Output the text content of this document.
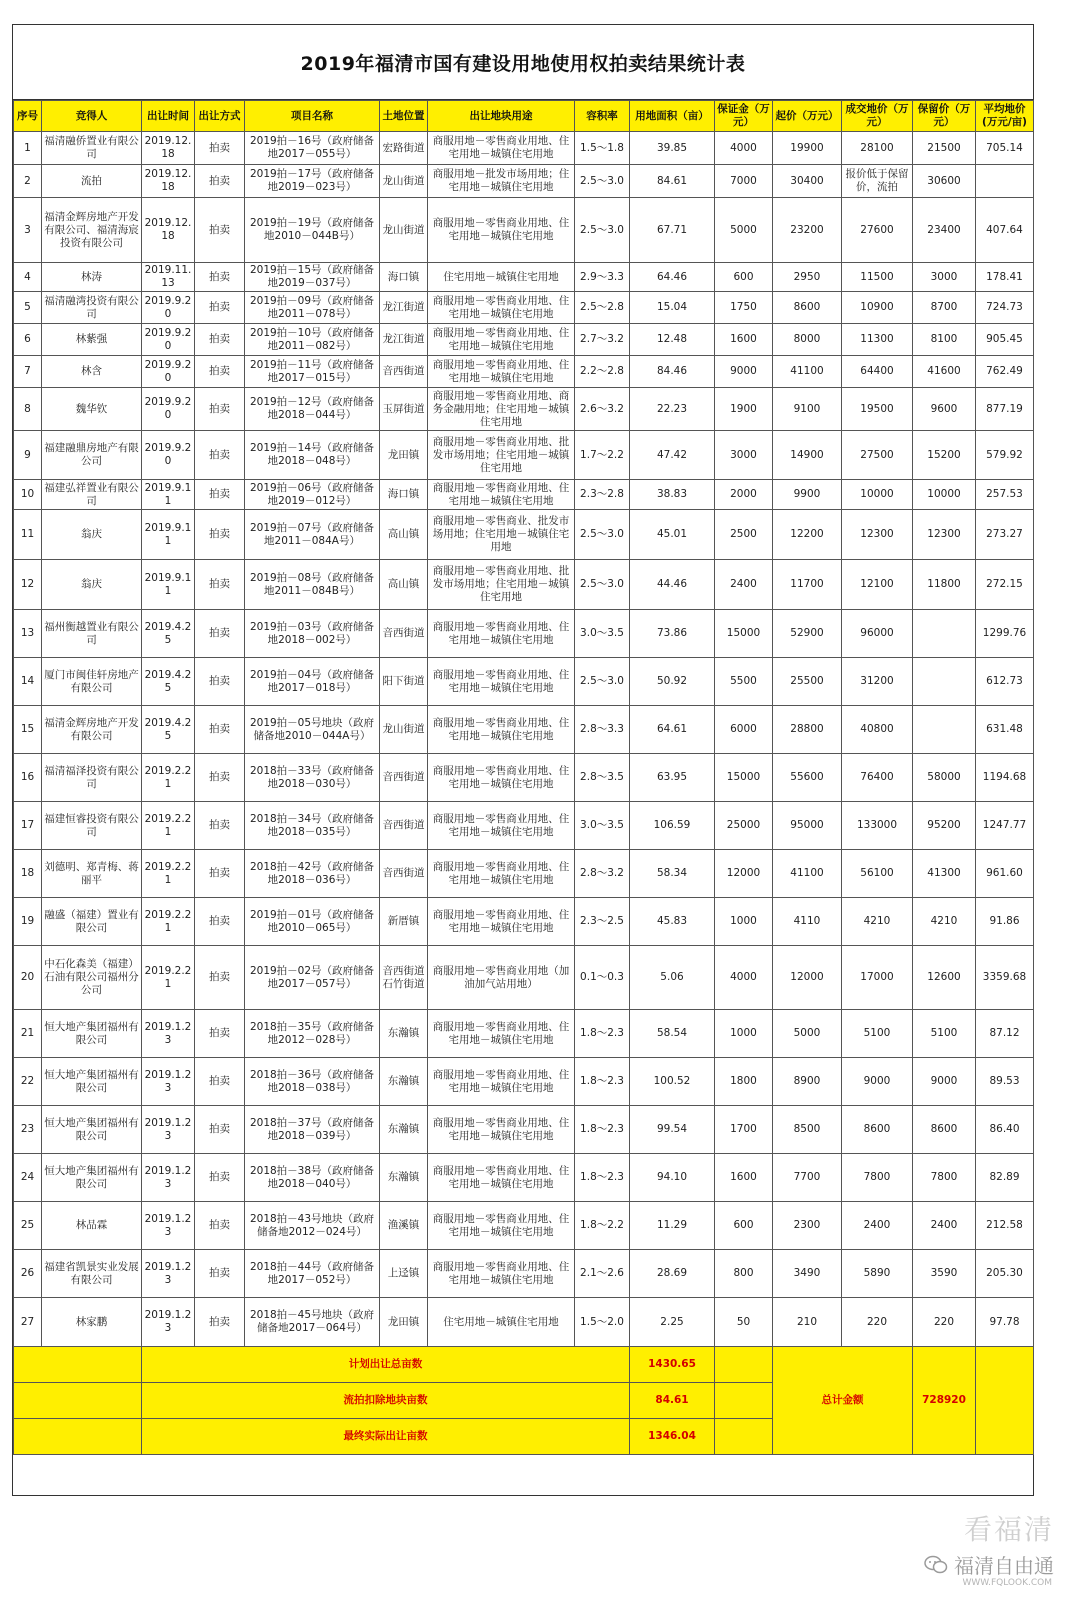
2019年福清市国有建设用地使用权拍卖结果统计表
序号	竞得人	出让时间	出让方式	项目名称	土地位置	出让地块用途	容积率	用地面积（亩）	保证金（万元）	起价（万元）	成交地价（万元）	保留价（万元）	平均地价(万元/亩)
1	福清融侨置业有限公司	2019.12.18	拍卖	2019拍－16号（政府储备地2017－055号）	宏路街道	商服用地－零售商业用地、住宅用地－城镇住宅用地	1.5～1.8	39.85	4000	19900	28100	21500	705.14
2	流拍	2019.12.18	拍卖	2019拍－17号（政府储备地2019－023号）	龙山街道	商服用地－批发市场用地；住宅用地－城镇住宅用地	2.5～3.0	84.61	7000	30400	报价低于保留价，流拍	30600	
3	福清金辉房地产开发有限公司、福清海宸投资有限公司	2019.12.18	拍卖	2019拍－19号（政府储备地2010－044B号）	龙山街道	商服用地－零售商业用地、住宅用地－城镇住宅用地	2.5～3.0	67.71	5000	23200	27600	23400	407.64
4	林涛	2019.11.13	拍卖	2019拍－15号（政府储备地2019－037号）	海口镇	住宅用地－城镇住宅用地	2.9～3.3	64.46	600	2950	11500	3000	178.41
5	福清融湾投资有限公司	2019.9.20	拍卖	2019拍－09号（政府储备地2011－078号）	龙江街道	商服用地－零售商业用地、住宅用地－城镇住宅用地	2.5～2.8	15.04	1750	8600	10900	8700	724.73
6	林紫强	2019.9.20	拍卖	2019拍－10号（政府储备地2011－082号）	龙江街道	商服用地－零售商业用地、住宅用地－城镇住宅用地	2.7～3.2	12.48	1600	8000	11300	8100	905.45
7	林含	2019.9.20	拍卖	2019拍－11号（政府储备地2017－015号）	音西街道	商服用地－零售商业用地、住宅用地－城镇住宅用地	2.2～2.8	84.46	9000	41100	64400	41600	762.49
8	魏华钦	2019.9.20	拍卖	2019拍－12号（政府储备地2018－044号）	玉屏街道	商服用地－零售商业用地、商务金融用地；住宅用地－城镇住宅用地	2.6～3.2	22.23	1900	9100	19500	9600	877.19
9	福建融鼎房地产有限公司	2019.9.20	拍卖	2019拍－14号（政府储备地2018－048号）	龙田镇	商服用地－零售商业用地、批发市场用地；住宅用地－城镇住宅用地	1.7～2.2	47.42	3000	14900	27500	15200	579.92
10	福建弘祥置业有限公司	2019.9.11	拍卖	2019拍－06号（政府储备地2019－012号）	海口镇	商服用地－零售商业用地、住宅用地－城镇住宅用地	2.3～2.8	38.83	2000	9900	10000	10000	257.53
11	翁庆	2019.9.11	拍卖	2019拍－07号（政府储备地2011－084A号）	高山镇	商服用地－零售商业、批发市场用地；住宅用地－城镇住宅用地	2.5～3.0	45.01	2500	12200	12300	12300	273.27
12	翁庆	2019.9.11	拍卖	2019拍－08号（政府储备地2011－084B号）	高山镇	商服用地－零售商业用地、批发市场用地；住宅用地－城镇住宅用地	2.5～3.0	44.46	2400	11700	12100	11800	272.15
13	福州衡越置业有限公司	2019.4.25	拍卖	2019拍－03号（政府储备地2018－002号）	音西街道	商服用地－零售商业用地、住宅用地－城镇住宅用地	3.0～3.5	73.86	15000	52900	96000		1299.76
14	厦门市闽佳轩房地产有限公司	2019.4.25	拍卖	2019拍－04号（政府储备地2017－018号）	阳下街道	商服用地－零售商业用地、住宅用地－城镇住宅用地	2.5～3.0	50.92	5500	25500	31200		612.73
15	福清金辉房地产开发有限公司	2019.4.25	拍卖	2019拍－05号地块（政府储备地2010－044A号）	龙山街道	商服用地－零售商业用地、住宅用地－城镇住宅用地	2.8～3.3	64.61	6000	28800	40800		631.48
16	福清福泽投资有限公司	2019.2.21	拍卖	2018拍－33号（政府储备地2018－030号）	音西街道	商服用地－零售商业用地、住宅用地－城镇住宅用地	2.8～3.5	63.95	15000	55600	76400	58000	1194.68
17	福建恒睿投资有限公司	2019.2.21	拍卖	2018拍－34号（政府储备地2018－035号）	音西街道	商服用地－零售商业用地、住宅用地－城镇住宅用地	3.0～3.5	106.59	25000	95000	133000	95200	1247.77
18	刘德明、郑青梅、蒋丽平	2019.2.21	拍卖	2018拍－42号（政府储备地2018－036号）	音西街道	商服用地－零售商业用地、住宅用地－城镇住宅用地	2.8～3.2	58.34	12000	41100	56100	41300	961.60
19	融盛（福建）置业有限公司	2019.2.21	拍卖	2019拍－01号（政府储备地2010－065号）	新厝镇	商服用地－零售商业用地、住宅用地－城镇住宅用地	2.3～2.5	45.83	1000	4110	4210	4210	91.86
20	中石化森美（福建）石油有限公司福州分公司	2019.2.21	拍卖	2019拍－02号（政府储备地2017－057号）	音西街道石竹街道	商服用地－零售商业用地（加油加气站用地）	0.1～0.3	5.06	4000	12000	17000	12600	3359.68
21	恒大地产集团福州有限公司	2019.1.23	拍卖	2018拍－35号（政府储备地2012－028号）	东瀚镇	商服用地－零售商业用地、住宅用地－城镇住宅用地	1.8～2.3	58.54	1000	5000	5100	5100	87.12
22	恒大地产集团福州有限公司	2019.1.23	拍卖	2018拍－36号（政府储备地2018－038号）	东瀚镇	商服用地－零售商业用地、住宅用地－城镇住宅用地	1.8～2.3	100.52	1800	8900	9000	9000	89.53
23	恒大地产集团福州有限公司	2019.1.23	拍卖	2018拍－37号（政府储备地2018－039号）	东瀚镇	商服用地－零售商业用地、住宅用地－城镇住宅用地	1.8～2.3	99.54	1700	8500	8600	8600	86.40
24	恒大地产集团福州有限公司	2019.1.23	拍卖	2018拍－38号（政府储备地2018－040号）	东瀚镇	商服用地－零售商业用地、住宅用地－城镇住宅用地	1.8～2.3	94.10	1600	7700	7800	7800	82.89
25	林品霖	2019.1.23	拍卖	2018拍－43号地块（政府储备地2012－024号）	渔溪镇	商服用地－零售商业用地、住宅用地－城镇住宅用地	1.8～2.2	11.29	600	2300	2400	2400	212.58
26	福建省凯景实业发展有限公司	2019.1.23	拍卖	2018拍－44号（政府储备地2017－052号）	上迳镇	商服用地－零售商业用地、住宅用地－城镇住宅用地	2.1～2.6	28.69	800	3490	5890	3590	205.30
27	林家鹏	2019.1.23	拍卖	2018拍－45号地块（政府储备地2017－064号）	龙田镇	住宅用地－城镇住宅用地	1.5～2.0	2.25	50	210	220	220	97.78
		计划出让总亩数						1430.65		总计金额		728920	
		流拍扣除地块亩数						84.61					
		最终实际出让亩数						1346.04					
看福清
福清自由通
WWW.FQLOOK.COM
